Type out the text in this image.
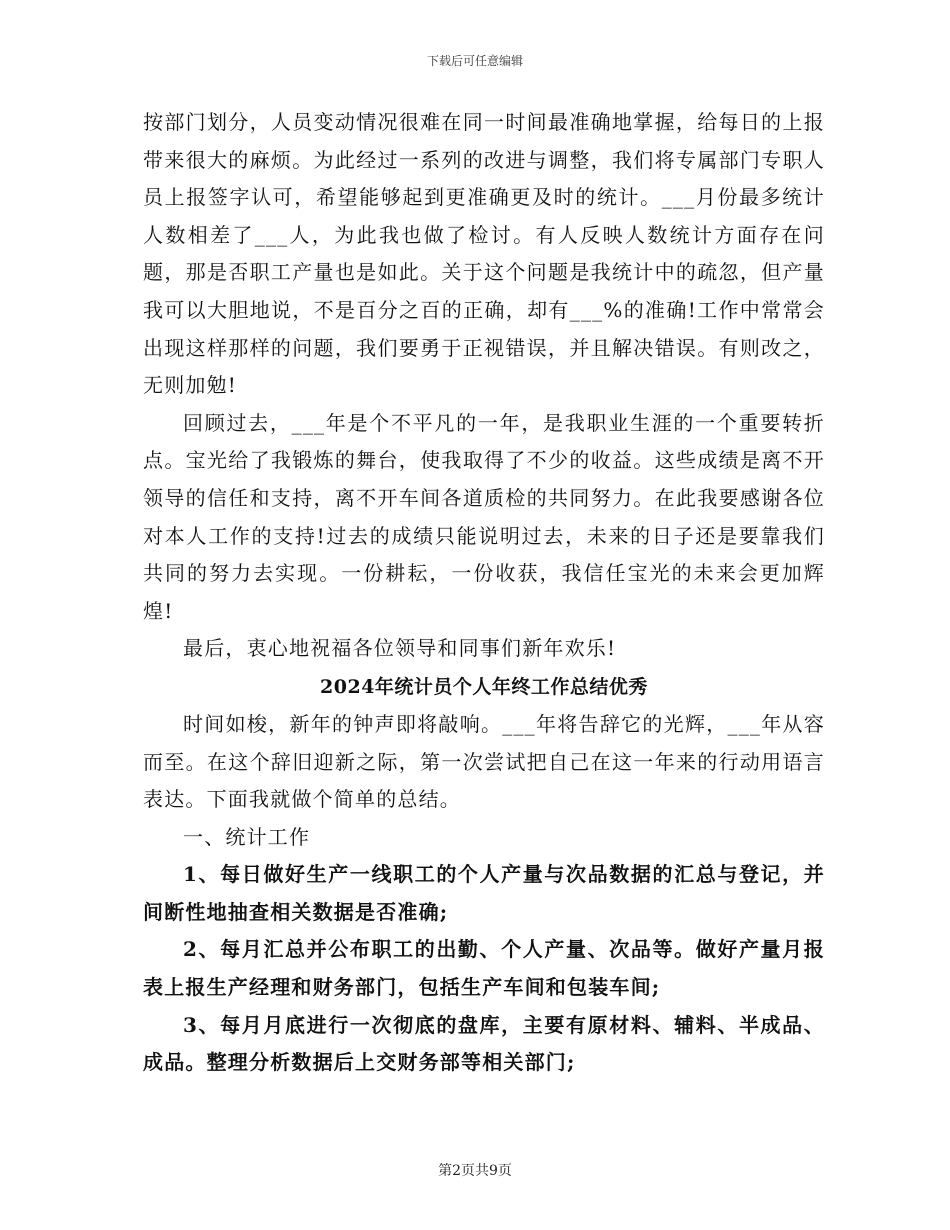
下载后可任意编辑

按部门划分，人员变动情况很难在同一时间最准确地掌握，给每日的上报带来很大的麻烦。为此经过一系列的改进与调整，我们将专属部门专职人员上报签字认可，希望能够起到更准确更及时的统计。___月份最多统计人数相差了___人，为此我也做了检讨。有人反映人数统计方面存在问题，那是否职工产量也是如此。关于这个问题是我统计中的疏忽，但产量我可以大胆地说，不是百分之百的正确，却有___%的准确!工作中常常会出现这样那样的问题，我们要勇于正视错误，并且解决错误。有则改之，无则加勉!

回顾过去，___年是个不平凡的一年，是我职业生涯的一个重要转折点。宝光给了我锻炼的舞台，使我取得了不少的收益。这些成绩是离不开领导的信任和支持，离不开车间各道质检的共同努力。在此我要感谢各位对本人工作的支持!过去的成绩只能说明过去，未来的日子还是要靠我们共同的努力去实现。一份耕耘，一份收获，我信任宝光的未来会更加辉煌!

最后，衷心地祝福各位领导和同事们新年欢乐!

2024年统计员个人年终工作总结优秀

时间如梭，新年的钟声即将敲响。___年将告辞它的光辉，___年从容而至。在这个辞旧迎新之际，第一次尝试把自己在这一年来的行动用语言表达。下面我就做个简单的总结。

一、统计工作

1、每日做好生产一线职工的个人产量与次品数据的汇总与登记，并间断性地抽查相关数据是否准确;

2、每月汇总并公布职工的出勤、个人产量、次品等。做好产量月报表上报生产经理和财务部门，包括生产车间和包装车间;

3、每月月底进行一次彻底的盘库，主要有原材料、辅料、半成品、成品。整理分析数据后上交财务部等相关部门;

第2页共9页
